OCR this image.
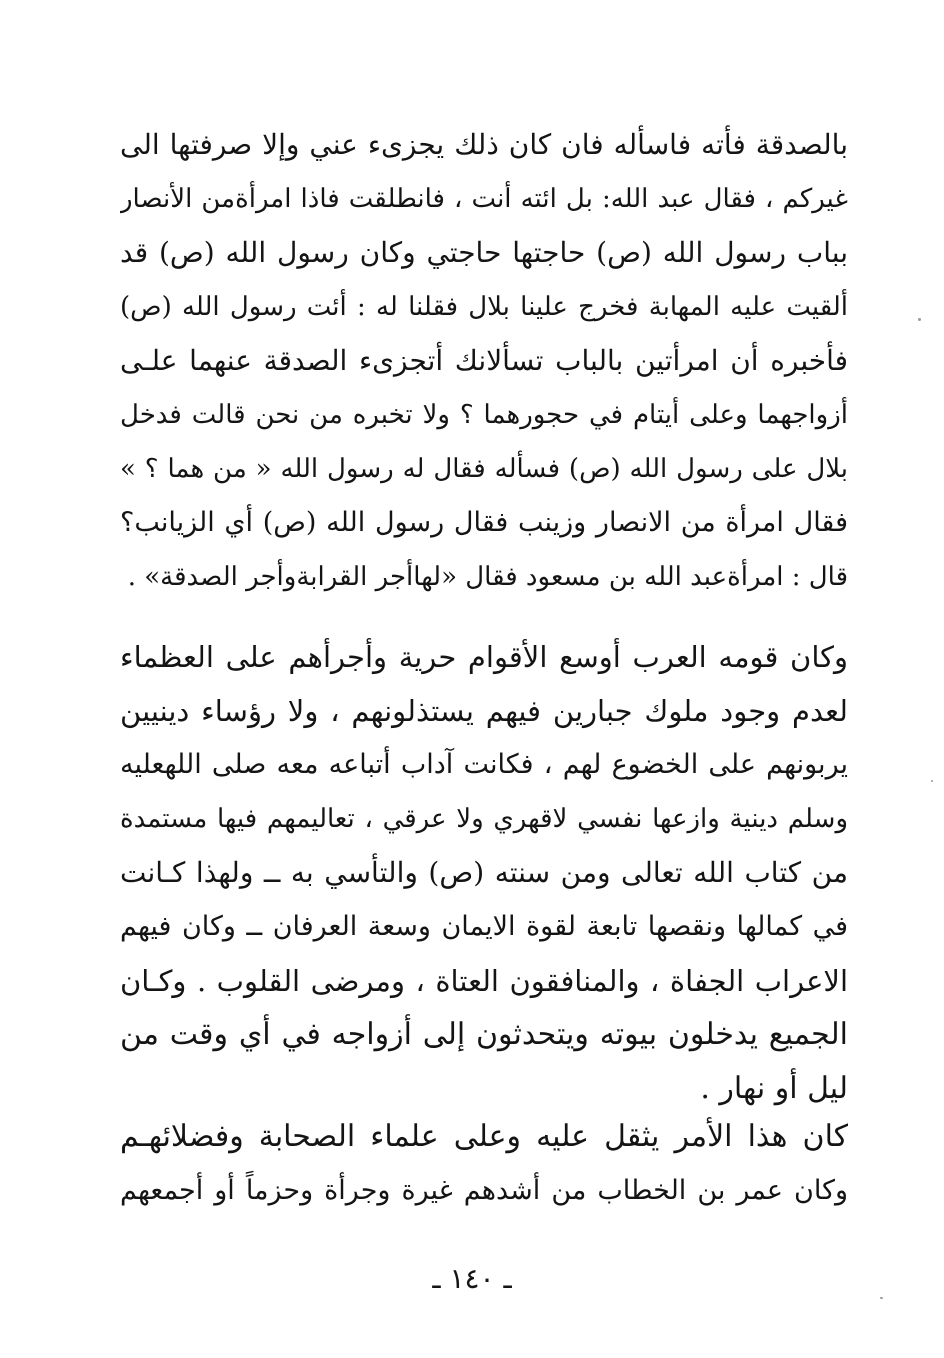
بالصدقة فأته فاسأله فان كان ذلك يجزىء عني وإلا صرفتها الى
غيركم ، فقال عبد الله: بل ائته أنت ، فانطلقت فاذا امرأةمن الأنصار
بباب رسول الله (ص) حاجتها حاجتي وكان رسول الله (ص) قد
ألقيت عليه المهابة فخرج علينا بلال فقلنا له : أئت رسول الله (ص)
فأخبره أن امرأتين بالباب تسألانك أتجزىء الصدقة عنهما علـى
أزواجهما وعلى أيتام في حجورهما ؟ ولا تخبره من نحن قالت فدخل
بلال على رسول الله (ص) فسأله فقال له رسول الله « من هما ؟ »
فقال امرأة من الانصار وزينب فقال رسول الله (ص) أي الزيانب؟
قال : امرأةعبد الله بن مسعود فقال «لهاأجر القرابةوأجر الصدقة» .
وكان قومه العرب أوسع الأقوام حرية وأجرأهم على العظماء
لعدم وجود ملوك جبارين فيهم يستذلونهم ، ولا رؤساء دينيين
يربونهم على الخضوع لهم ، فكانت آداب أتباعه معه صلى اللهعليه
وسلم دينية وازعها نفسي لاقهري ولا عرقي ، تعاليمهم فيها مستمدة
من كتاب الله تعالى ومن سنته (ص) والتأسي به ــ ولهذا كـانت
في كمالها ونقصها تابعة لقوة الايمان وسعة العرفان ــ وكان فيهم
الاعراب الجفاة ، والمنافقون العتاة ، ومرضى القلوب . وكـان
الجميع يدخلون بيوته ويتحدثون إلى أزواجه في أي وقت من
ليل أو نهار .
كان هذا الأمر يثقل عليه وعلى علماء الصحابة وفضلائهـم
وكان عمر بن الخطاب من أشدهم غيرة وجرأة وحزماً أو أجمعهم
ـ ١٤٠ ـ
